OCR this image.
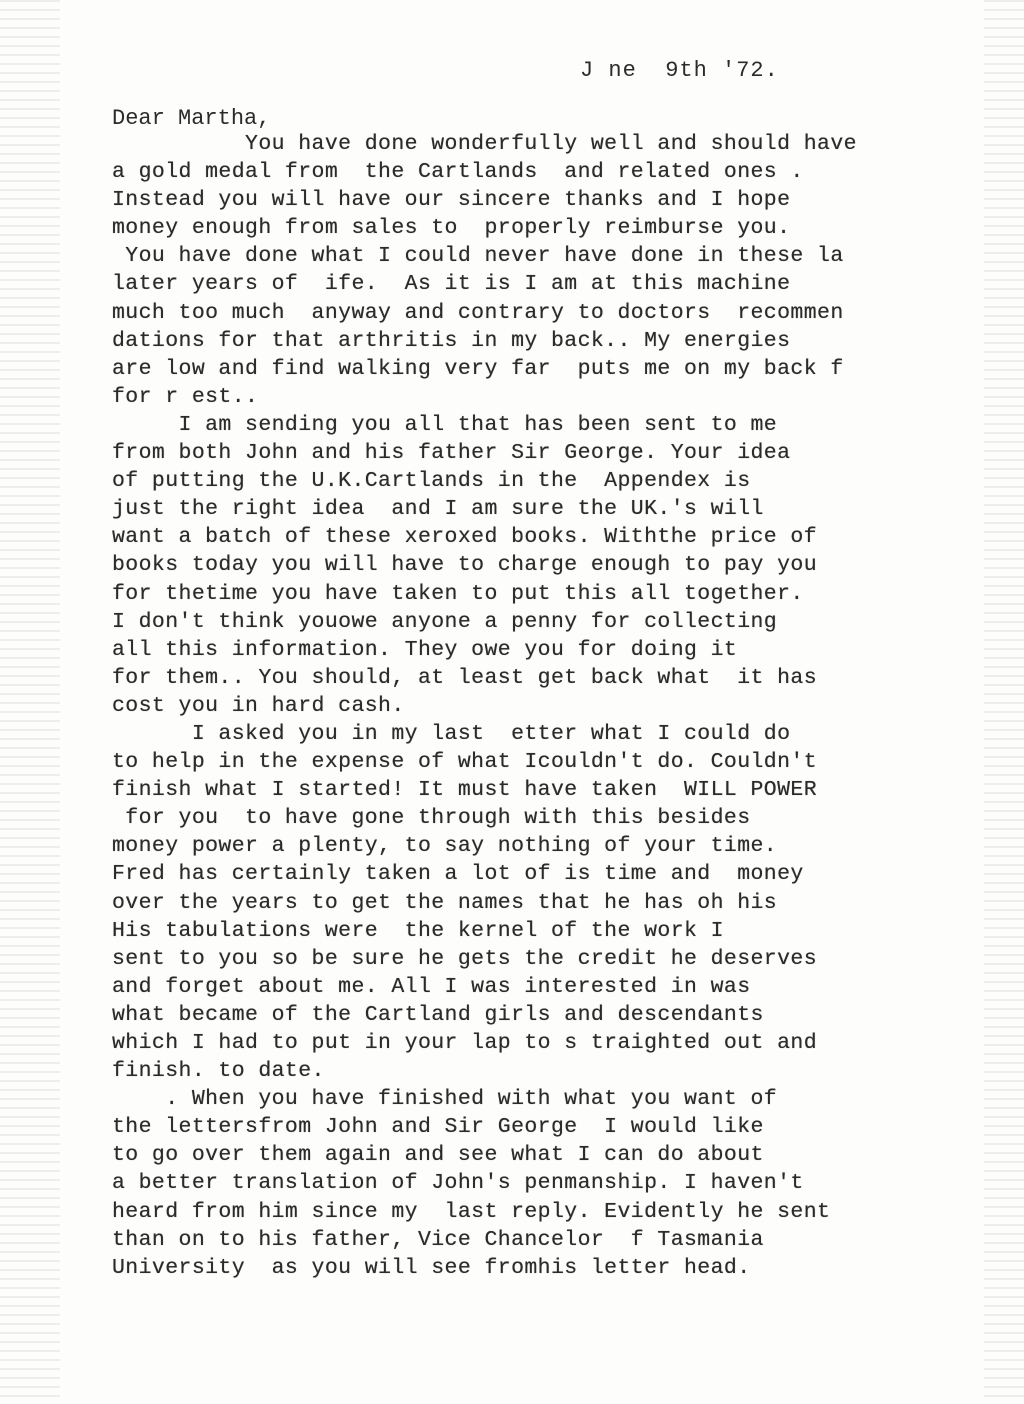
J ne  9th '72.
Dear Martha,
You have done wonderfully well and should have
a gold medal from  the Cartlands  and related ones .
Instead you will have our sincere thanks and I hope
money enough from sales to  properly reimburse you.
You have done what I could never have done in these la
later years of  ife.  As it is I am at this machine
much too much  anyway and contrary to doctors  recommen
dations for that arthritis in my back.. My energies
are low and find walking very far  puts me on my back f
for r est..
I am sending you all that has been sent to me
from both John and his father Sir George. Your idea
of putting the U.K.Cartlands in the  Appendex is
just the right idea  and I am sure the UK.'s will
want a batch of these xeroxed books. Withthe price of
books today you will have to charge enough to pay you
for thetime you have taken to put this all together.
I don't think youowe anyone a penny for collecting
all this information. They owe you for doing it
for them.. You should, at least get back what  it has
cost you in hard cash.
I asked you in my last  etter what I could do
to help in the expense of what Icouldn't do. Couldn't
finish what I started! It must have taken  WILL POWER
for you  to have gone through with this besides
money power a plenty, to say nothing of your time.
Fred has certainly taken a lot of is time and  money
over the years to get the names that he has oh his
His tabulations were  the kernel of the work I
sent to you so be sure he gets the credit he deserves
and forget about me. All I was interested in was
what became of the Cartland girls and descendants
which I had to put in your lap to s traighted out and
finish. to date.
. When you have finished with what you want of
the lettersfrom John and Sir George  I would like
to go over them again and see what I can do about
a better translation of John's penmanship. I haven't
heard from him since my  last reply. Evidently he sent
than on to his father, Vice Chancelor  f Tasmania
University  as you will see fromhis letter head.
